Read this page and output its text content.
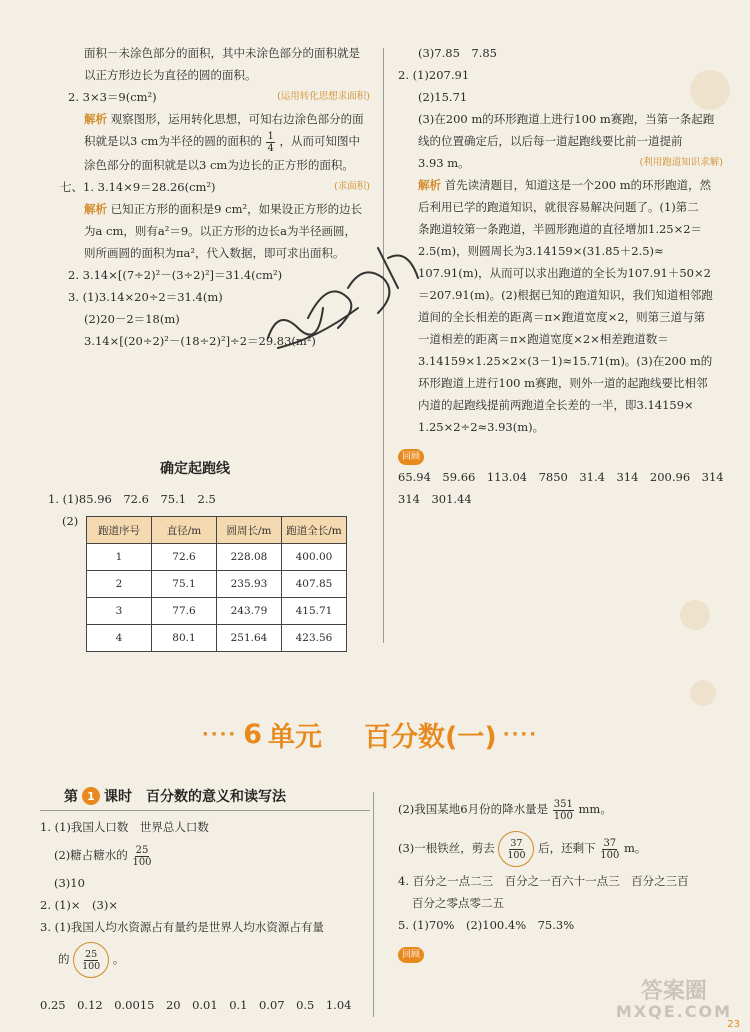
面积－未涂色部分的面积，其中未涂色部分的面积就是
以正方形边长为直径的圆的面积。
2. 3×3＝9(cm²)	(运用转化思想求面积)
解析 观察图形，运用转化思想，可知右边涂色部分的面
积就是以3 cm为半径的圆的面积的 $\frac{1}{4}$ ，从而可知图中
涂色部分的面积就是以3 cm为边长的正方形的面积。
七、1. 3.14×9＝28.26(cm²)	(求面积)
解析 已知正方形的面积是9 cm²，如果设正方形的边长
为a cm，则有a²＝9。以正方形的边长a为半径画圆，
则所画圆的面积为πa²，代入数据，即可求出面积。
2. 3.14×[(7÷2)²－(3÷2)²]＝31.4(cm²)
3. (1)3.14×20÷2＝31.4(m)
(2)20－2＝18(m)
3.14×[(20÷2)²－(18÷2)²]÷2＝29.83(m²)
确定起跑线
1. (1)85.96　72.6　75.1　2.5
(2)
跑道序号	直径/m	圆周长/m	跑道全长/m
1	72.6	228.08	400.00
2	75.1	235.93	407.85
3	77.6	243.79	415.71
4	80.1	251.64	423.56
(3)7.85　7.85
2. (1)207.91
(2)15.71
(3)在200 m的环形跑道上进行100 m赛跑，当第一条起跑
线的位置确定后，以后每一道起跑线要比前一道提前
3.93 m。	(利用跑道知识求解)
解析 首先读清题目，知道这是一个200 m的环形跑道，然
后利用已学的跑道知识，就很容易解决问题了。(1)第二
条跑道较第一条跑道，半圆形跑道的直径增加1.25×2＝
2.5(m)，则圆周长为3.14159×(31.85＋2.5)≈
107.91(m)，从而可以求出跑道的全长为107.91＋50×2
＝207.91(m)。(2)根据已知的跑道知识，我们知道相邻跑
道间的全长相差的距离＝π×跑道宽度×2，则第三道与第
一道相差的距离＝π×跑道宽度×2×相差跑道数＝
3.14159×1.25×2×(3－1)≈15.71(m)。(3)在200 m的
环形跑道上进行100 m赛跑，则外一道的起跑线要比相邻
内道的起跑线提前两跑道全长差的一半，即3.14159×
1.25×2÷2≈3.93(m)。
回顾
65.94　59.66　113.04　7850　31.4　314　200.96　314
314　301.44
···· 6 单元 百分数(一) ····
第 1 课时　百分数的意义和读写法
1. (1)我国人口数　世界总人口数
(2)糖占糖水的 $\frac{25}{100}$
(3)10
2. (1)×　(3)×
3. (1)我国人均水资源占有量约是世界人均水资源占有量
的 $\frac{25}{100}$ 。
(2)我国某地6月份的降水量是 $\frac{351}{100}$ mm。
(3)一根铁丝，剪去 $\frac{37}{100}$ 后，还剩下 $\frac{37}{100}$ m。
4. 百分之一点二三　百分之一百六十一点三　百分之三百
百分之零点零二五
5. (1)70%　(2)100.4%　75.3%
回顾
0.25　0.12　0.0015　20　0.01　0.1　0.07　0.5　1.04
答案圈
MXQE.COM
23
